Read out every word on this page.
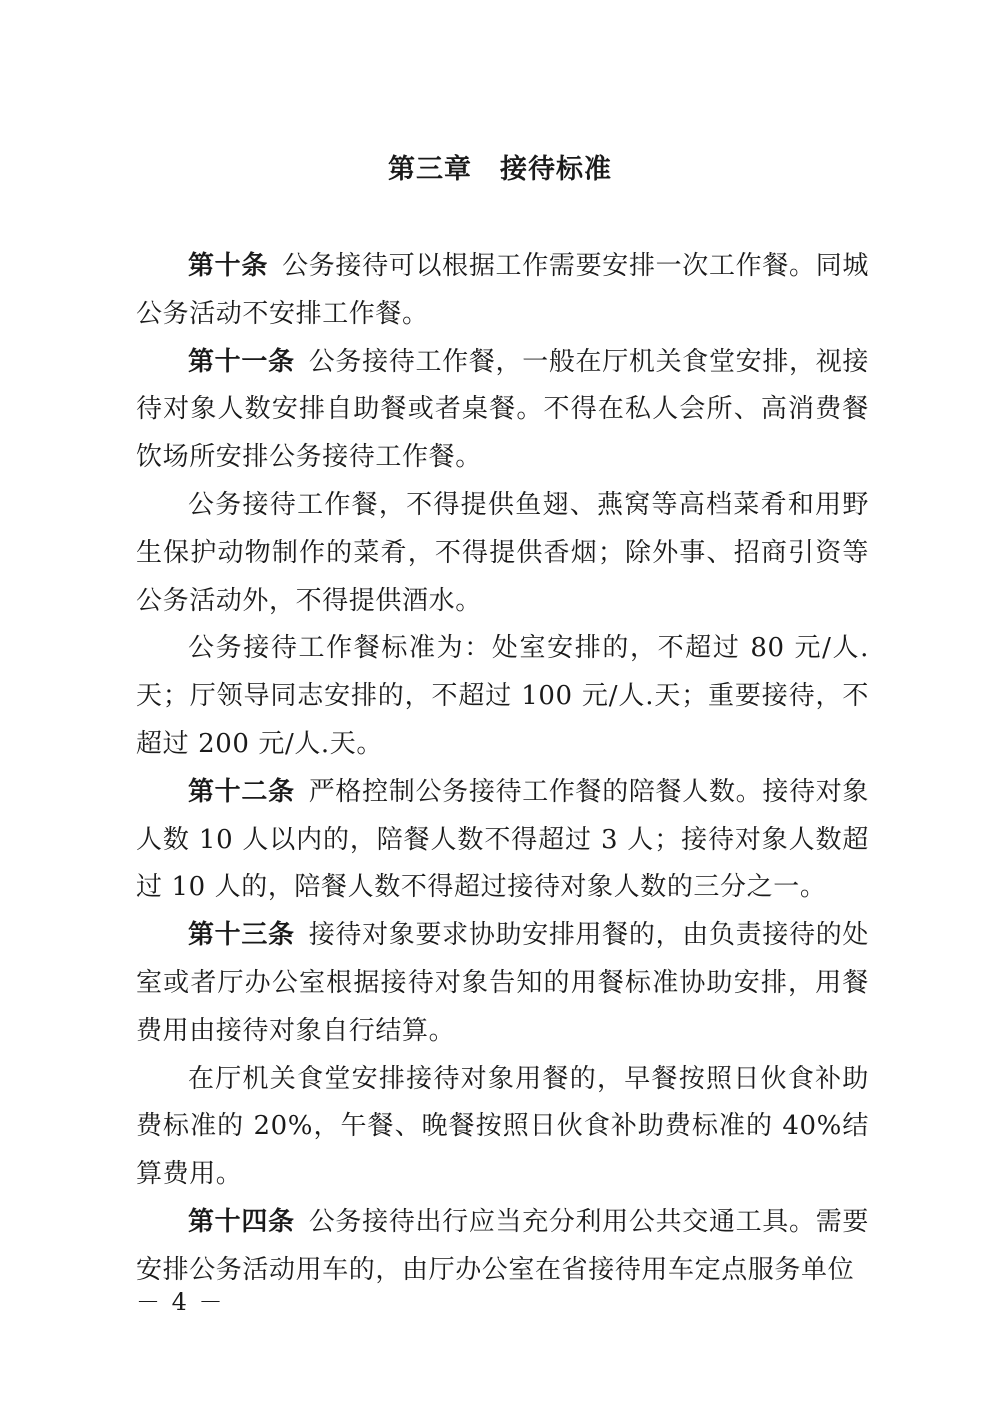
第三章　接待标准

第十条 公务接待可以根据工作需要安排一次工作餐。同城公务活动不安排工作餐。

第十一条 公务接待工作餐，一般在厅机关食堂安排，视接待对象人数安排自助餐或者桌餐。不得在私人会所、高消费餐饮场所安排公务接待工作餐。

公务接待工作餐，不得提供鱼翅、燕窝等高档菜肴和用野生保护动物制作的菜肴，不得提供香烟；除外事、招商引资等公务活动外，不得提供酒水。

公务接待工作餐标准为：处室安排的，不超过 80 元/人.天；厅领导同志安排的，不超过 100 元/人.天；重要接待，不超过 200 元/人.天。

第十二条 严格控制公务接待工作餐的陪餐人数。接待对象人数 10 人以内的，陪餐人数不得超过 3 人；接待对象人数超过 10 人的，陪餐人数不得超过接待对象人数的三分之一。

第十三条 接待对象要求协助安排用餐的，由负责接待的处室或者厅办公室根据接待对象告知的用餐标准协助安排，用餐费用由接待对象自行结算。

在厅机关食堂安排接待对象用餐的，早餐按照日伙食补助费标准的 20%，午餐、晚餐按照日伙食补助费标准的 40%结算费用。

第十四条 公务接待出行应当充分利用公共交通工具。需要安排公务活动用车的，由厅办公室在省接待用车定点服务单位

－ 4 －
